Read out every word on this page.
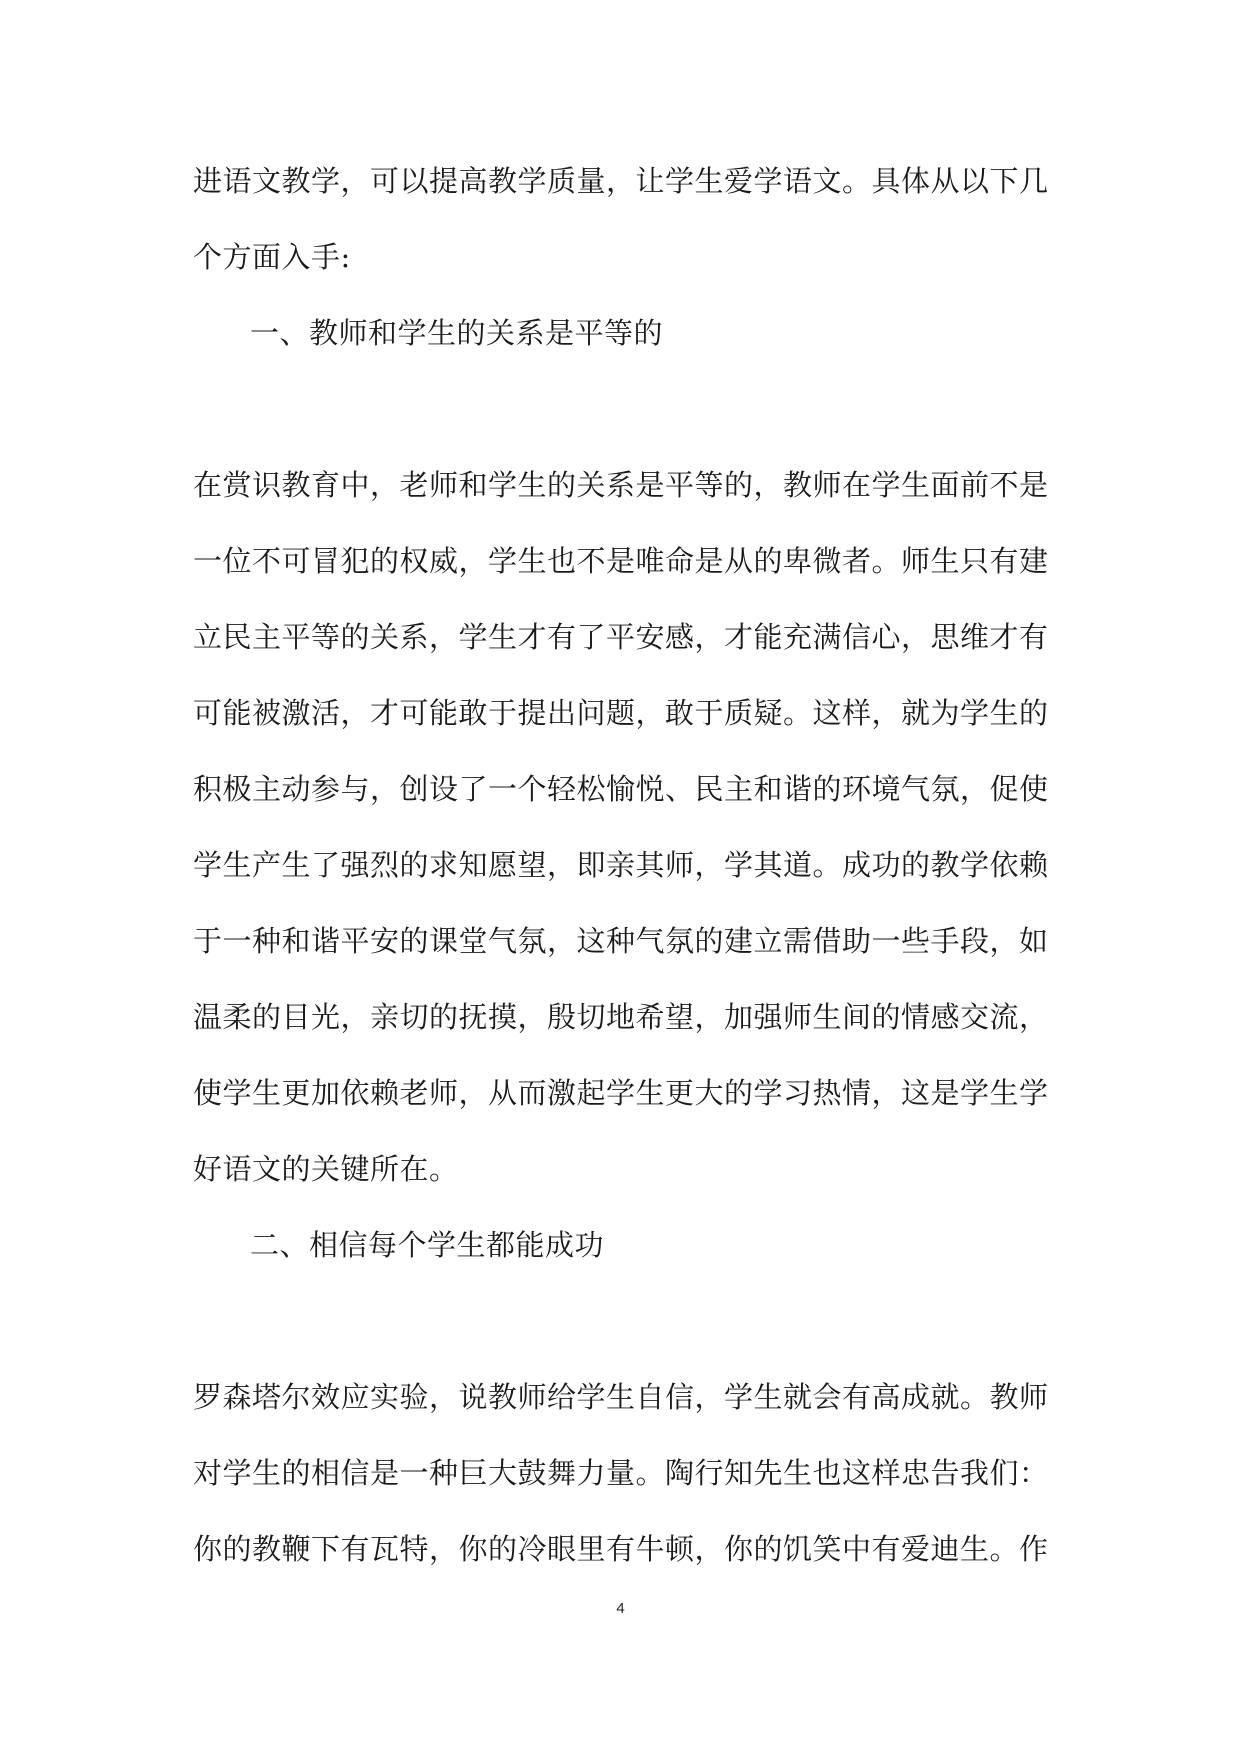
进语文教学，可以提高教学质量，让学生爱学语文。具体从以下几
个方面入手:
一、教师和学生的关系是平等的
在赏识教育中，老师和学生的关系是平等的，教师在学生面前不是
一位不可冒犯的权威，学生也不是唯命是从的卑微者。师生只有建
立民主平等的关系，学生才有了平安感，才能充满信心，思维才有
可能被激活，才可能敢于提出问题，敢于质疑。这样，就为学生的
积极主动参与，创设了一个轻松愉悦、民主和谐的环境气氛，促使
学生产生了强烈的求知愿望，即亲其师，学其道。成功的教学依赖
于一种和谐平安的课堂气氛，这种气氛的建立需借助一些手段，如
温柔的目光，亲切的抚摸，殷切地希望，加强师生间的情感交流，
使学生更加依赖老师，从而激起学生更大的学习热情，这是学生学
好语文的关键所在。
二、相信每个学生都能成功
罗森塔尔效应实验，说教师给学生自信，学生就会有高成就。教师
对学生的相信是一种巨大鼓舞力量。陶行知先生也这样忠告我们：
你的教鞭下有瓦特，你的冷眼里有牛顿，你的饥笑中有爱迪生。作
4
